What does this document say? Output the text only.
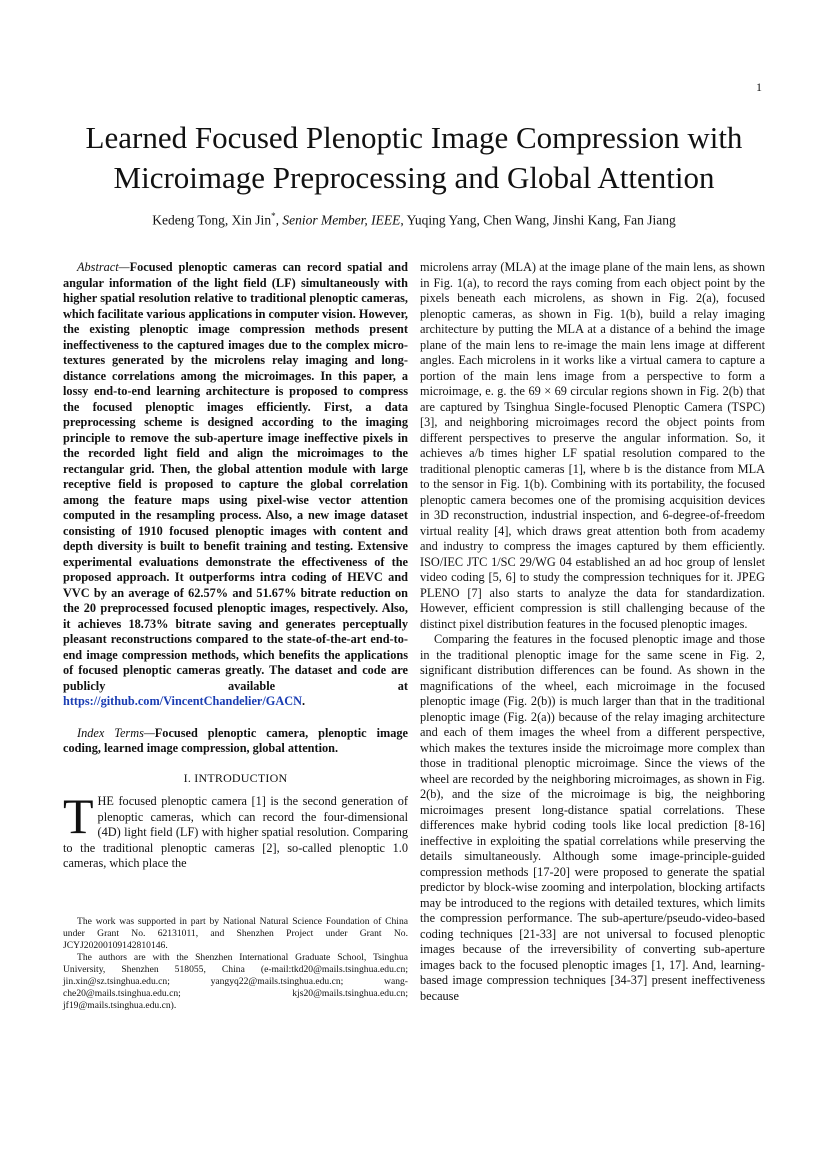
1
Learned Focused Plenoptic Image Compression with
Microimage Preprocessing and Global Attention
Kedeng Tong, Xin Jin*, Senior Member, IEEE, Yuqing Yang, Chen Wang, Jinshi Kang, Fan Jiang

Abstract—Focused plenoptic cameras can record spatial and angular information of the light field (LF) simultaneously with higher spatial resolution relative to traditional plenoptic cameras, which facilitate various applications in computer vision. However, the existing plenoptic image compression methods present ineffectiveness to the captured images due to the complex micro-textures generated by the microlens relay imaging and long-distance correlations among the microimages. In this paper, a lossy end-to-end learning architecture is proposed to compress the focused plenoptic images efficiently. First, a data preprocessing scheme is designed according to the imaging principle to remove the sub-aperture image ineffective pixels in the recorded light field and align the microimages to the rectangular grid. Then, the global attention module with large receptive field is proposed to capture the global correlation among the feature maps using pixel-wise vector attention computed in the resampling process. Also, a new image dataset consisting of 1910 focused plenoptic images with content and depth diversity is built to benefit training and testing. Extensive experimental evaluations demonstrate the effectiveness of the proposed approach. It outperforms intra coding of HEVC and VVC by an average of 62.57% and 51.67% bitrate reduction on the 20 preprocessed focused plenoptic images, respectively. Also, it achieves 18.73% bitrate saving and generates perceptually pleasant reconstructions compared to the state-of-the-art end-to-end image compression methods, which benefits the applications of focused plenoptic cameras greatly. The dataset and code are publicly available at https://github.com/VincentChandelier/GACN.

Index Terms—Focused plenoptic camera, plenoptic image coding, learned image compression, global attention.

I. INTRODUCTION

THE focused plenoptic camera [1] is the second generation of plenoptic cameras, which can record the four-dimensional (4D) light field (LF) with higher spatial resolution. Comparing to the traditional plenoptic cameras [2], so-called plenoptic 1.0 cameras, which place the

The work was supported in part by National Natural Science Foundation of China under Grant No. 62131011, and Shenzhen Project under Grant No. JCYJ20200109142810146.

The authors are with the Shenzhen International Graduate School, Tsinghua University, Shenzhen 518055, China (e-mail:tkd20@mails.tsinghua.edu.cn; jin.xin@sz.tsinghua.edu.cn; yangyq22@mails.tsinghua.edu.cn; wang-che20@mails.tsinghua.edu.cn; kjs20@mails.tsinghua.edu.cn; jf19@mails.tsinghua.edu.cn).

microlens array (MLA) at the image plane of the main lens, as shown in Fig. 1(a), to record the rays coming from each object point by the pixels beneath each microlens, as shown in Fig. 2(a), focused plenoptic cameras, as shown in Fig. 1(b), build a relay imaging architecture by putting the MLA at a distance of a behind the image plane of the main lens to re-image the main lens image at different angles. Each microlens in it works like a virtual camera to capture a portion of the main lens image from a perspective to form a microimage, e. g. the 69 × 69 circular regions shown in Fig. 2(b) that are captured by Tsinghua Single-focused Plenoptic Camera (TSPC) [3], and neighboring microimages record the object points from different perspectives to preserve the angular information. So, it achieves a/b times higher LF spatial resolution compared to the traditional plenoptic cameras [1], where b is the distance from MLA to the sensor in Fig. 1(b). Combining with its portability, the focused plenoptic camera becomes one of the promising acquisition devices in 3D reconstruction, industrial inspection, and 6-degree-of-freedom virtual reality [4], which draws great attention both from academy and industry to compress the images captured by them efficiently. ISO/IEC JTC 1/SC 29/WG 04 established an ad hoc group of lenslet video coding [5, 6] to study the compression techniques for it. JPEG PLENO [7] also starts to analyze the data for standardization. However, efficient compression is still challenging because of the distinct pixel distribution features in the focused plenoptic images.

Comparing the features in the focused plenoptic image and those in the traditional plenoptic image for the same scene in Fig. 2, significant distribution differences can be found. As shown in the magnifications of the wheel, each microimage in the focused plenoptic image (Fig. 2(b)) is much larger than that in the traditional plenoptic image (Fig. 2(a)) because of the relay imaging architecture and each of them images the wheel from a different perspective, which makes the textures inside the microimage more complex than those in traditional plenoptic microimage. Since the views of the wheel are recorded by the neighboring microimages, as shown in Fig. 2(b), and the size of the microimage is big, the neighboring microimages present long-distance spatial correlations. These differences make hybrid coding tools like local prediction [8-16] ineffective in exploiting the spatial correlations while preserving the details simultaneously. Although some image-principle-guided compression methods [17-20] were proposed to generate the spatial predictor by block-wise zooming and interpolation, blocking artifacts may be introduced to the regions with detailed textures, which limits the compression performance. The sub-aperture/pseudo-video-based coding techniques [21-33] are not universal to focused plenoptic images because of the irreversibility of converting sub-aperture images back to the focused plenoptic images [1, 17]. And, learning-based image compression techniques [34-37] present ineffectiveness because
